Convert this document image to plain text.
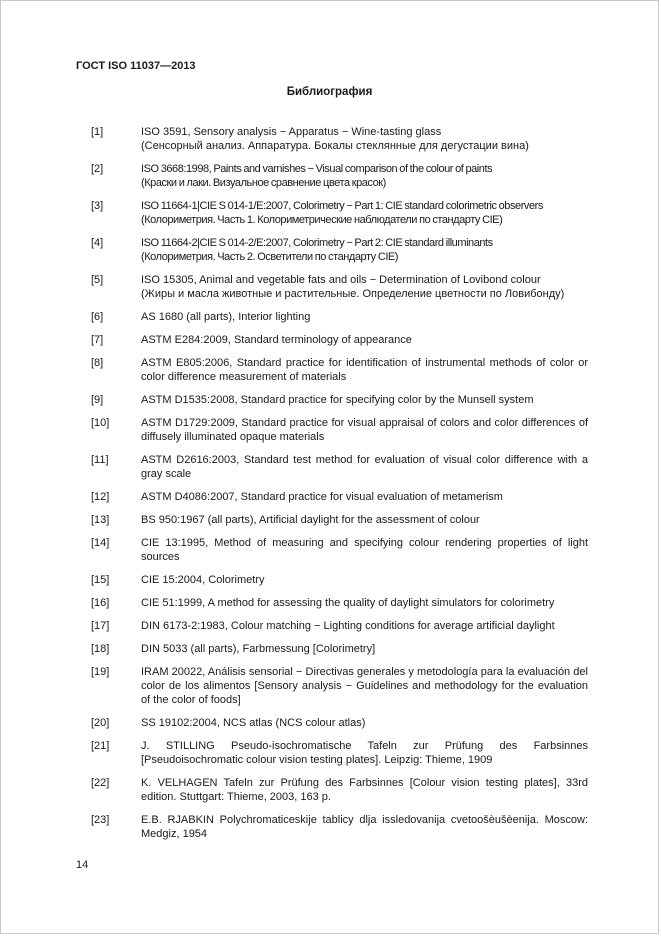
ГОСТ ISO 11037—2013
Библиография
[1]	ISO 3591, Sensory analysis − Apparatus − Wine-tasting glass
(Сенсорный анализ. Аппаратура. Бокалы стеклянные для дегустации вина)
[2]	ISO 3668:1998, Paints and varnishes − Visual comparison of the colour of paints
(Краски и лаки. Визуальное сравнение цвета красок)
[3]	ISO 11664-1|CIE S 014-1/E:2007, Colorimetry − Part 1: CIE standard colorimetric observers
(Колориметрия. Часть 1. Колориметрические наблюдатели по стандарту CIE)
[4]	ISO 11664-2|CIE S 014-2/E:2007, Colorimetry − Part 2: CIE standard illuminants
(Колориметрия. Часть 2. Осветители по стандарту CIE)
[5]	ISO 15305, Animal and vegetable fats and oils − Determination of Lovibond colour
(Жиры и масла животные и растительные. Определение цветности по Ловибонду)
[6]	AS 1680 (all parts), Interior lighting
[7]	ASTM E284:2009, Standard terminology of appearance
[8]	ASTM E805:2006, Standard practice for identification of instrumental methods of color or color difference measurement of materials
[9]	ASTM D1535:2008, Standard practice for specifying color by the Munsell system
[10]	ASTM D1729:2009, Standard practice for visual appraisal of colors and color differences of diffusely illuminated opaque materials
[11]	ASTM D2616:2003, Standard test method for evaluation of visual color difference with a gray scale
[12]	ASTM D4086:2007, Standard practice for visual evaluation of metamerism
[13]	BS 950:1967 (all parts), Artificial daylight for the assessment of colour
[14]	CIE 13:1995, Method of measuring and specifying colour rendering properties of light sources
[15]	CIE 15:2004, Colorimetry
[16]	CIE 51:1999, A method for assessing the quality of daylight simulators for colorimetry
[17]	DIN 6173-2:1983, Colour matching − Lighting conditions for average artificial daylight
[18]	DIN 5033 (all parts), Farbmessung [Colorimetry]
[19]	IRAM 20022, Análisis sensorial − Directivas generales y metodología para la evaluación del color de los alimentos [Sensory analysis − Guidelines and methodology for the evaluation of the color of foods]
[20]	SS 19102:2004, NCS atlas (NCS colour atlas)
[21]	J. STILLING Pseudo-isochromatische Tafeln zur Prüfung des Farbsinnes [Pseudoisochromatic colour vision testing plates]. Leipzig: Thieme, 1909
[22]	K. VELHAGEN Tafeln zur Prüfung des Farbsinnes [Colour vision testing plates], 33rd edition. Stuttgart: Thieme, 2003, 163 p.
[23]	E.B. RJABKIN Polychromaticeskije tablicy dlja issledovanija cvetoošèušèenija. Moscow: Medgiz, 1954
14
